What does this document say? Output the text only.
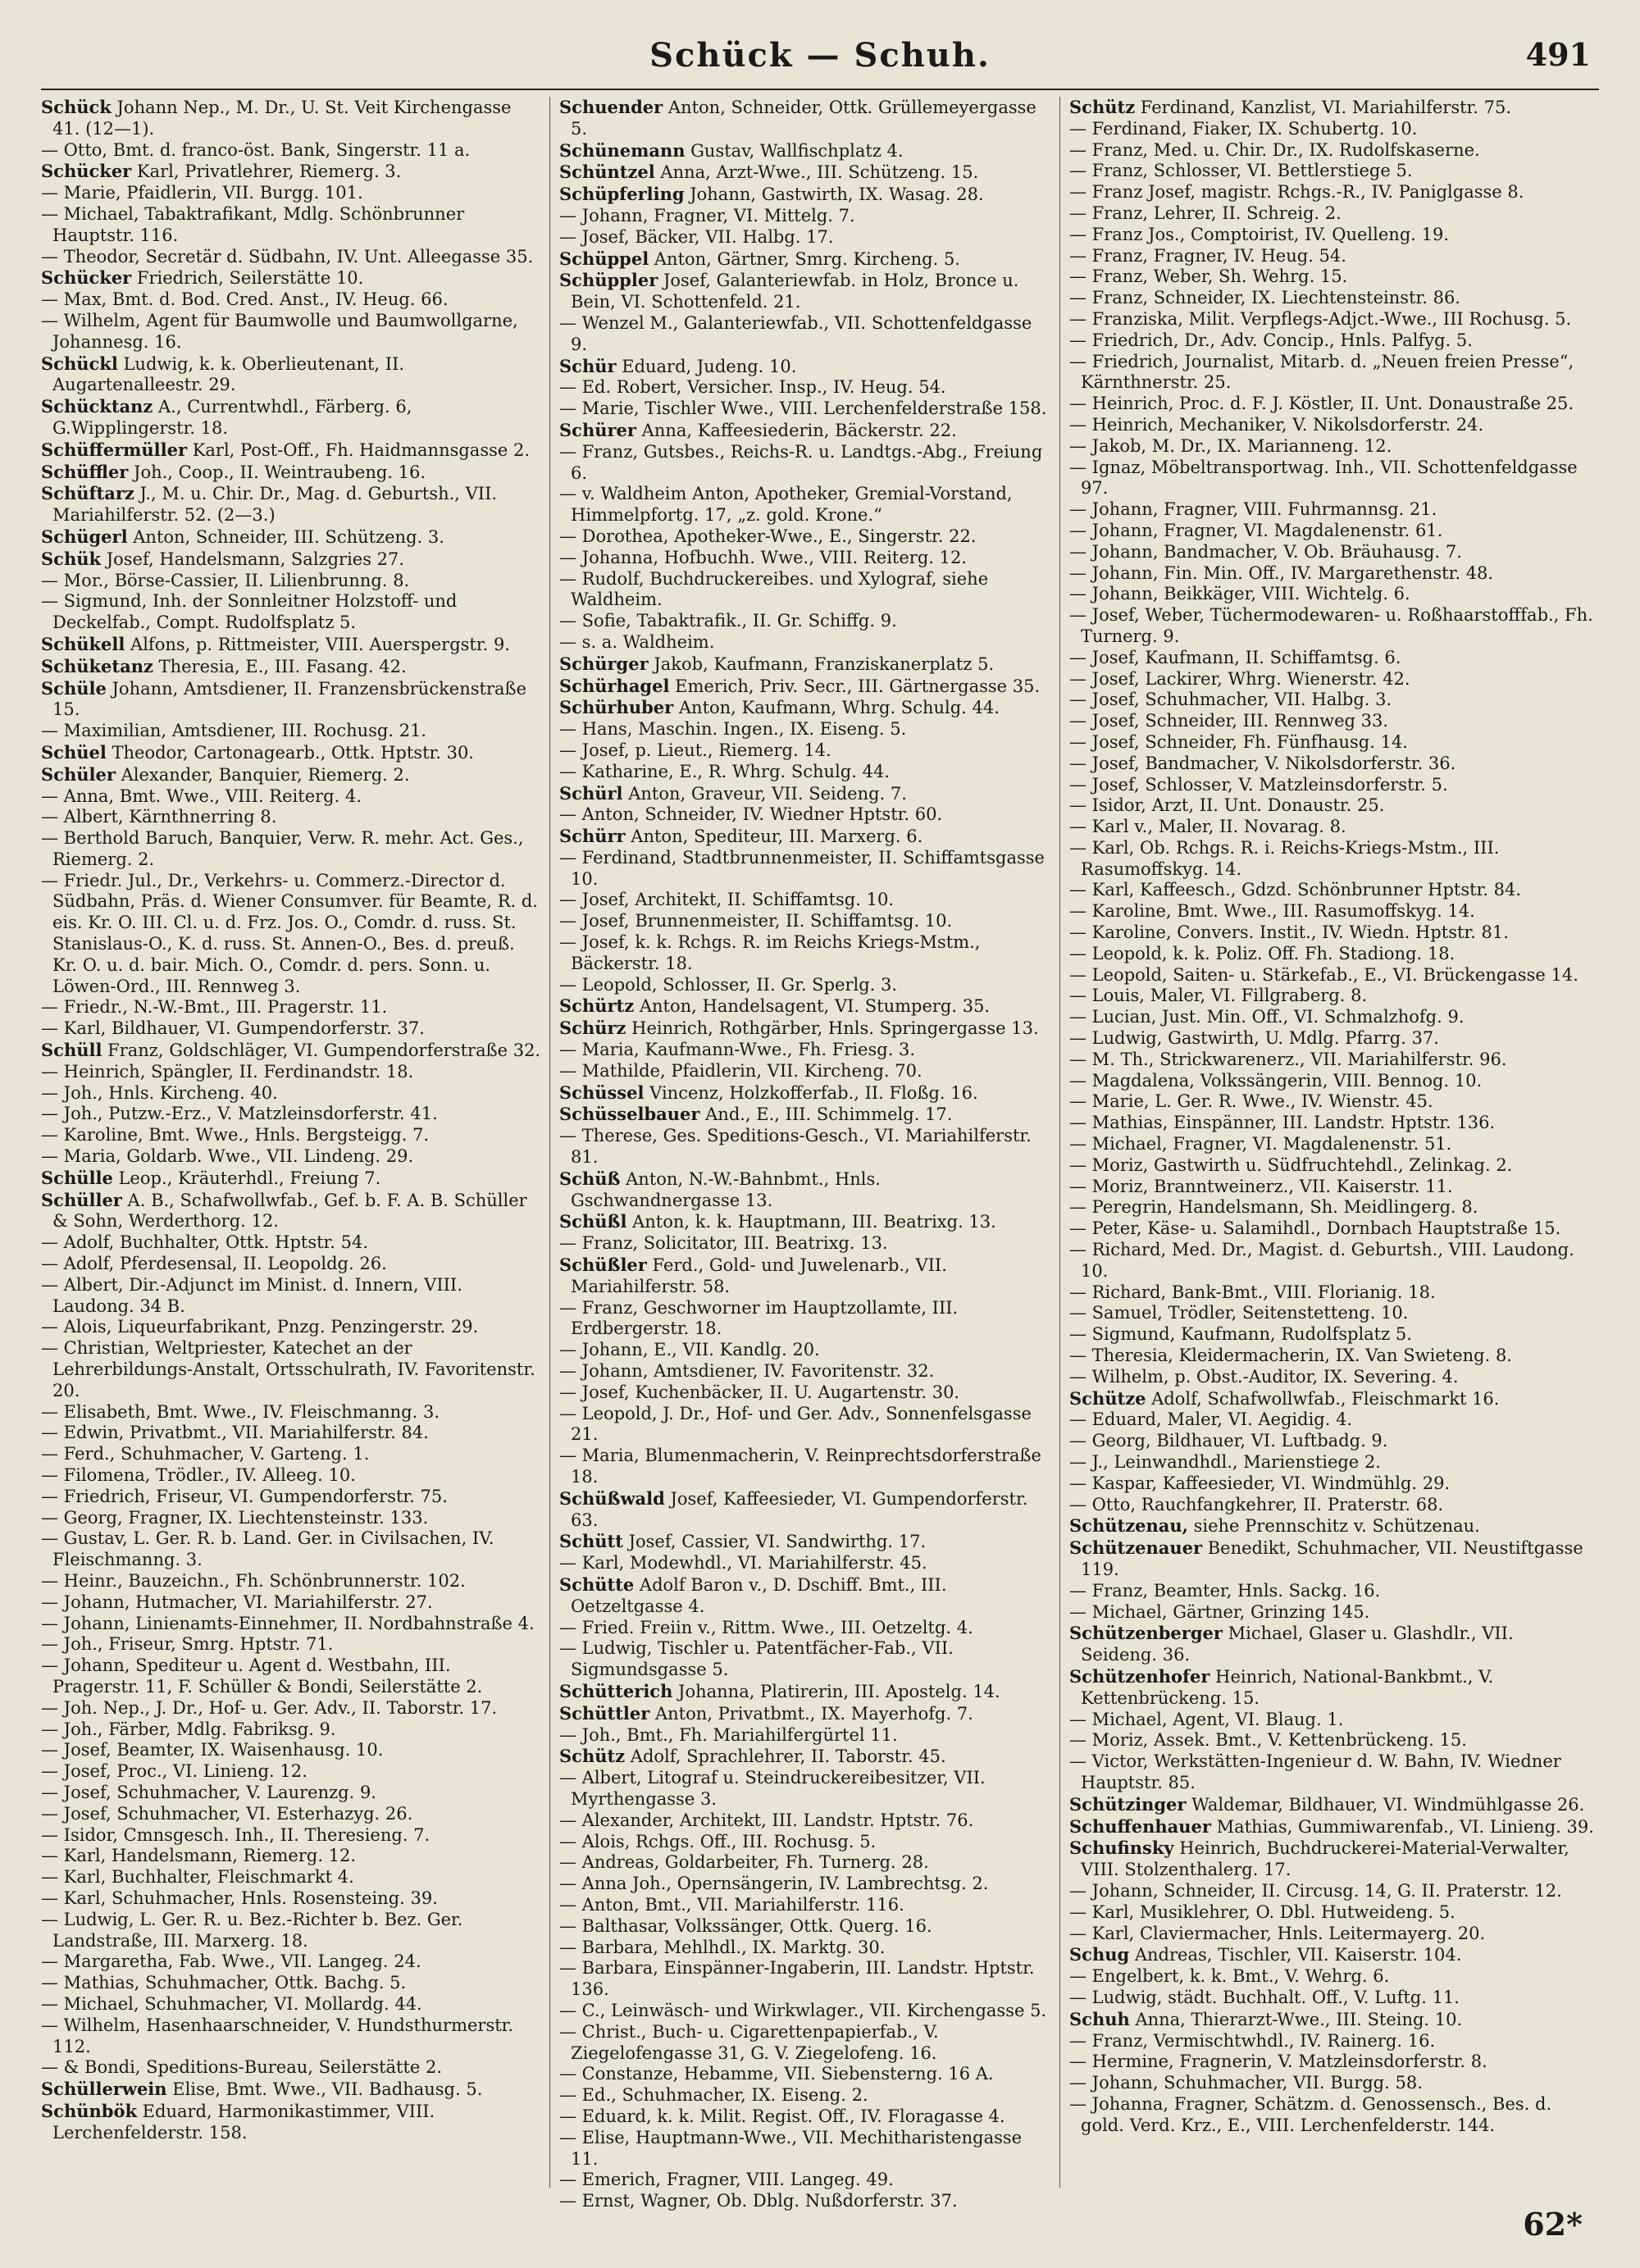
Schück — Schuh.	491
Schück Johann Nep., M. Dr., U. St. Veit Kirchengasse 41. (12—1).
— Otto, Bmt. d. franco-öst. Bank, Singerstr. 11 a.
Schücker Karl, Privatlehrer, Riemerg. 3.
— Marie, Pfaidlerin, VII. Burgg. 101.
— Michael, Tabaktrafikant, Mdlg. Schönbrunner Hauptstr. 116.
— Theodor, Secretär d. Südbahn, IV. Unt. Alleegasse 35.
Schücker Friedrich, Seilerstätte 10.
— Max, Bmt. d. Bod. Cred. Anst., IV. Heug. 66.
— Wilhelm, Agent für Baumwolle und Baumwollgarne, Johannesg. 16.
Schückl Ludwig, k. k. Oberlieutenant, II. Augartenalleestr. 29.
Schücktanz A., Currentwhdl., Färberg. 6, G.Wipplingerstr. 18.
Schüffermüller Karl, Post-Off., Fh. Haidmannsgasse 2.
Schüffler Joh., Coop., II. Weintraubeng. 16.
Schüftarz J., M. u. Chir. Dr., Mag. d. Geburtsh., VII. Mariahilferstr. 52. (2—3.)
Schügerl Anton, Schneider, III. Schützeng. 3.
Schük Josef, Handelsmann, Salzgries 27.
— Mor., Börse-Cassier, II. Lilienbrunng. 8.
— Sigmund, Inh. der Sonnleitner Holzstoff- und Deckelfab., Compt. Rudolfsplatz 5.
Schükell Alfons, p. Rittmeister, VIII. Auerspergstr. 9.
Schüketanz Theresia, E., III. Fasang. 42.
Schüle Johann, Amtsdiener, II. Franzensbrückenstraße 15.
— Maximilian, Amtsdiener, III. Rochusg. 21.
Schüel Theodor, Cartonagearb., Ottk. Hptstr. 30.
Schüler Alexander, Banquier, Riemerg. 2.
— Anna, Bmt. Wwe., VIII. Reiterg. 4.
— Albert, Kärnthnerring 8.
— Berthold Baruch, Banquier, Verw. R. mehr. Act. Ges., Riemerg. 2.
— Friedr. Jul., Dr., Verkehrs- u. Commerz.-Director d. Südbahn, Präs. d. Wiener Consumver. für Beamte, R. d. eis. Kr. O. III. Cl. u. d. Frz. Jos. O., Comdr. d. russ. St. Stanislaus-O., K. d. russ. St. Annen-O., Bes. d. preuß. Kr. O. u. d. bair. Mich. O., Comdr. d. pers. Sonn. u. Löwen-Ord., III. Rennweg 3.
— Friedr., N.-W.-Bmt., III. Pragerstr. 11.
— Karl, Bildhauer, VI. Gumpendorferstr. 37.
Schüll Franz, Goldschläger, VI. Gumpendorferstraße 32.
— Heinrich, Spängler, II. Ferdinandstr. 18.
— Joh., Hnls. Kircheng. 40.
— Joh., Putzw.-Erz., V. Matzleinsdorferstr. 41.
— Karoline, Bmt. Wwe., Hnls. Bergsteigg. 7.
— Maria, Goldarb. Wwe., VII. Lindeng. 29.
Schülle Leop., Kräuterhdl., Freiung 7.
Schüller A. B., Schafwollwfab., Gef. b. F. A. B. Schüller & Sohn, Werderthorg. 12.
— Adolf, Buchhalter, Ottk. Hptstr. 54.
— Adolf, Pferdesensal, II. Leopoldg. 26.
— Albert, Dir.-Adjunct im Minist. d. Innern, VIII. Laudong. 34 B.
— Alois, Liqueurfabrikant, Pnzg. Penzingerstr. 29.
— Christian, Weltpriester, Katechet an der Lehrerbildungs-Anstalt, Ortsschulrath, IV. Favoritenstr. 20.
— Elisabeth, Bmt. Wwe., IV. Fleischmanng. 3.
— Edwin, Privatbmt., VII. Mariahilferstr. 84.
— Ferd., Schuhmacher, V. Garteng. 1.
— Filomena, Trödler., IV. Alleeg. 10.
— Friedrich, Friseur, VI. Gumpendorferstr. 75.
— Georg, Fragner, IX. Liechtensteinstr. 133.
— Gustav, L. Ger. R. b. Land. Ger. in Civilsachen, IV. Fleischmanng. 3.
— Heinr., Bauzeichn., Fh. Schönbrunnerstr. 102.
— Johann, Hutmacher, VI. Mariahilferstr. 27.
— Johann, Linienamts-Einnehmer, II. Nordbahnstraße 4.
— Joh., Friseur, Smrg. Hptstr. 71.
— Johann, Spediteur u. Agent d. Westbahn, III. Pragerstr. 11, F. Schüller & Bondi, Seilerstätte 2.
— Joh. Nep., J. Dr., Hof- u. Ger. Adv., II. Taborstr. 17.
— Joh., Färber, Mdlg. Fabriksg. 9.
— Josef, Beamter, IX. Waisenhausg. 10.
— Josef, Proc., VI. Linieng. 12.
— Josef, Schuhmacher, V. Laurenzg. 9.
— Josef, Schuhmacher, VI. Esterhazyg. 26.
— Isidor, Cmnsgesch. Inh., II. Theresieng. 7.
— Karl, Handelsmann, Riemerg. 12.
— Karl, Buchhalter, Fleischmarkt 4.
— Karl, Schuhmacher, Hnls. Rosensteing. 39.
— Ludwig, L. Ger. R. u. Bez.-Richter b. Bez. Ger. Landstraße, III. Marxerg. 18.
— Margaretha, Fab. Wwe., VII. Langeg. 24.
— Mathias, Schuhmacher, Ottk. Bachg. 5.
— Michael, Schuhmacher, VI. Mollardg. 44.
— Wilhelm, Hasenhaarschneider, V. Hundsthurmerstr. 112.
— & Bondi, Speditions-Bureau, Seilerstätte 2.
Schüllerwein Elise, Bmt. Wwe., VII. Badhausg. 5.
Schünbök Eduard, Harmonikastimmer, VIII. Lerchenfelderstr. 158.
Schuender Anton, Schneider, Ottk. Grüllemeyergasse 5.
Schünemann Gustav, Wallfischplatz 4.
Schüntzel Anna, Arzt-Wwe., III. Schützeng. 15.
Schüpferling Johann, Gastwirth, IX. Wasag. 28.
— Johann, Fragner, VI. Mittelg. 7.
— Josef, Bäcker, VII. Halbg. 17.
Schüppel Anton, Gärtner, Smrg. Kircheng. 5.
Schüppler Josef, Galanteriewfab. in Holz, Bronce u. Bein, VI. Schottenfeld. 21.
— Wenzel M., Galanteriewfab., VII. Schottenfeldgasse 9.
Schür Eduard, Judeng. 10.
— Ed. Robert, Versicher. Insp., IV. Heug. 54.
— Marie, Tischler Wwe., VIII. Lerchenfelderstraße 158.
Schürer Anna, Kaffeesiederin, Bäckerstr. 22.
— Franz, Gutsbes., Reichs-R. u. Landtgs.-Abg., Freiung 6.
— v. Waldheim Anton, Apotheker, Gremial-Vorstand, Himmelpfortg. 17, „z. gold. Krone.“
— Dorothea, Apotheker-Wwe., E., Singerstr. 22.
— Johanna, Hofbuchh. Wwe., VIII. Reiterg. 12.
— Rudolf, Buchdruckereibes. und Xylograf, siehe Waldheim.
— Sofie, Tabaktrafik., II. Gr. Schiffg. 9.
— s. a. Waldheim.
Schürger Jakob, Kaufmann, Franziskanerplatz 5.
Schürhagel Emerich, Priv. Secr., III. Gärtnergasse 35.
Schürhuber Anton, Kaufmann, Whrg. Schulg. 44.
— Hans, Maschin. Ingen., IX. Eiseng. 5.
— Josef, p. Lieut., Riemerg. 14.
— Katharine, E., R. Whrg. Schulg. 44.
Schürl Anton, Graveur, VII. Seideng. 7.
— Anton, Schneider, IV. Wiedner Hptstr. 60.
Schürr Anton, Spediteur, III. Marxerg. 6.
— Ferdinand, Stadtbrunnenmeister, II. Schiffamtsgasse 10.
— Josef, Architekt, II. Schiffamtsg. 10.
— Josef, Brunnenmeister, II. Schiffamtsg. 10.
— Josef, k. k. Rchgs. R. im Reichs Kriegs-Mstm., Bäckerstr. 18.
— Leopold, Schlosser, II. Gr. Sperlg. 3.
Schürtz Anton, Handelsagent, VI. Stumperg. 35.
Schürz Heinrich, Rothgärber, Hnls. Springergasse 13.
— Maria, Kaufmann-Wwe., Fh. Friesg. 3.
— Mathilde, Pfaidlerin, VII. Kircheng. 70.
Schüssel Vincenz, Holzkofferfab., II. Floßg. 16.
Schüsselbauer And., E., III. Schimmelg. 17.
— Therese, Ges. Speditions-Gesch., VI. Mariahilferstr. 81.
Schüß Anton, N.-W.-Bahnbmt., Hnls. Gschwandnergasse 13.
Schüßl Anton, k. k. Hauptmann, III. Beatrixg. 13.
— Franz, Solicitator, III. Beatrixg. 13.
Schüßler Ferd., Gold- und Juwelenarb., VII. Mariahilferstr. 58.
— Franz, Geschworner im Hauptzollamte, III. Erdbergerstr. 18.
— Johann, E., VII. Kandlg. 20.
— Johann, Amtsdiener, IV. Favoritenstr. 32.
— Josef, Kuchenbäcker, II. U. Augartenstr. 30.
— Leopold, J. Dr., Hof- und Ger. Adv., Sonnenfelsgasse 21.
— Maria, Blumenmacherin, V. Reinprechtsdorferstraße 18.
Schüßwald Josef, Kaffeesieder, VI. Gumpendorferstr. 63.
Schütt Josef, Cassier, VI. Sandwirthg. 17.
— Karl, Modewhdl., VI. Mariahilferstr. 45.
Schütte Adolf Baron v., D. Dschiff. Bmt., III. Oetzeltgasse 4.
— Fried. Freiin v., Rittm. Wwe., III. Oetzeltg. 4.
— Ludwig, Tischler u. Patentfächer-Fab., VII. Sigmundsgasse 5.
Schütterich Johanna, Platirerin, III. Apostelg. 14.
Schüttler Anton, Privatbmt., IX. Mayerhofg. 7.
— Joh., Bmt., Fh. Mariahilfergürtel 11.
Schütz Adolf, Sprachlehrer, II. Taborstr. 45.
— Albert, Litograf u. Steindruckereibesitzer, VII. Myrthengasse 3.
— Alexander, Architekt, III. Landstr. Hptstr. 76.
— Alois, Rchgs. Off., III. Rochusg. 5.
— Andreas, Goldarbeiter, Fh. Turnerg. 28.
— Anna Joh., Opernsängerin, IV. Lambrechtsg. 2.
— Anton, Bmt., VII. Mariahilferstr. 116.
— Balthasar, Volkssänger, Ottk. Querg. 16.
— Barbara, Mehlhdl., IX. Marktg. 30.
— Barbara, Einspänner-Ingaberin, III. Landstr. Hptstr. 136.
— C., Leinwäsch- und Wirkwlager., VII. Kirchengasse 5.
— Christ., Buch- u. Cigarettenpapierfab., V. Ziegelofengasse 31, G. V. Ziegelofeng. 16.
— Constanze, Hebamme, VII. Siebensterng. 16 A.
— Ed., Schuhmacher, IX. Eiseng. 2.
— Eduard, k. k. Milit. Regist. Off., IV. Floragasse 4.
— Elise, Hauptmann-Wwe., VII. Mechitharistengasse 11.
— Emerich, Fragner, VIII. Langeg. 49.
— Ernst, Wagner, Ob. Dblg. Nußdorferstr. 37.
Schütz Ferdinand, Kanzlist, VI. Mariahilferstr. 75.
— Ferdinand, Fiaker, IX. Schubertg. 10.
— Franz, Med. u. Chir. Dr., IX. Rudolfskaserne.
— Franz, Schlosser, VI. Bettlerstiege 5.
— Franz Josef, magistr. Rchgs.-R., IV. Paniglgasse 8.
— Franz, Lehrer, II. Schreig. 2.
— Franz Jos., Comptoirist, IV. Quelleng. 19.
— Franz, Fragner, IV. Heug. 54.
— Franz, Weber, Sh. Wehrg. 15.
— Franz, Schneider, IX. Liechtensteinstr. 86.
— Franziska, Milit. Verpflegs-Adjct.-Wwe., III Rochusg. 5.
— Friedrich, Dr., Adv. Concip., Hnls. Palfyg. 5.
— Friedrich, Journalist, Mitarb. d. „Neuen freien Presse“, Kärnthnerstr. 25.
— Heinrich, Proc. d. F. J. Köstler, II. Unt. Donaustraße 25.
— Heinrich, Mechaniker, V. Nikolsdorferstr. 24.
— Jakob, M. Dr., IX. Marianneng. 12.
— Ignaz, Möbeltransportwag. Inh., VII. Schottenfeldgasse 97.
— Johann, Fragner, VIII. Fuhrmannsg. 21.
— Johann, Fragner, VI. Magdalenenstr. 61.
— Johann, Bandmacher, V. Ob. Bräuhausg. 7.
— Johann, Fin. Min. Off., IV. Margarethenstr. 48.
— Johann, Beikkäger, VIII. Wichtelg. 6.
— Josef, Weber, Tüchermodewaren- u. Roßhaarstofffab., Fh. Turnerg. 9.
— Josef, Kaufmann, II. Schiffamtsg. 6.
— Josef, Lackirer, Whrg. Wienerstr. 42.
— Josef, Schuhmacher, VII. Halbg. 3.
— Josef, Schneider, III. Rennweg 33.
— Josef, Schneider, Fh. Fünfhausg. 14.
— Josef, Bandmacher, V. Nikolsdorferstr. 36.
— Josef, Schlosser, V. Matzleinsdorferstr. 5.
— Isidor, Arzt, II. Unt. Donaustr. 25.
— Karl v., Maler, II. Novarag. 8.
— Karl, Ob. Rchgs. R. i. Reichs-Kriegs-Mstm., III. Rasumoffskyg. 14.
— Karl, Kaffeesch., Gdzd. Schönbrunner Hptstr. 84.
— Karoline, Bmt. Wwe., III. Rasumoffskyg. 14.
— Karoline, Convers. Instit., IV. Wiedn. Hptstr. 81.
— Leopold, k. k. Poliz. Off. Fh. Stadiong. 18.
— Leopold, Saiten- u. Stärkefab., E., VI. Brückengasse 14.
— Louis, Maler, VI. Fillgraberg. 8.
— Lucian, Just. Min. Off., VI. Schmalzhofg. 9.
— Ludwig, Gastwirth, U. Mdlg. Pfarrg. 37.
— M. Th., Strickwarenerz., VII. Mariahilferstr. 96.
— Magdalena, Volkssängerin, VIII. Bennog. 10.
— Marie, L. Ger. R. Wwe., IV. Wienstr. 45.
— Mathias, Einspänner, III. Landstr. Hptstr. 136.
— Michael, Fragner, VI. Magdalenenstr. 51.
— Moriz, Gastwirth u. Südfruchtehdl., Zelinkag. 2.
— Moriz, Branntweinerz., VII. Kaiserstr. 11.
— Peregrin, Handelsmann, Sh. Meidlingerg. 8.
— Peter, Käse- u. Salamihdl., Dornbach Hauptstraße 15.
— Richard, Med. Dr., Magist. d. Geburtsh., VIII. Laudong. 10.
— Richard, Bank-Bmt., VIII. Florianig. 18.
— Samuel, Trödler, Seitenstetteng. 10.
— Sigmund, Kaufmann, Rudolfsplatz 5.
— Theresia, Kleidermacherin, IX. Van Swieteng. 8.
— Wilhelm, p. Obst.-Auditor, IX. Severing. 4.
Schütze Adolf, Schafwollwfab., Fleischmarkt 16.
— Eduard, Maler, VI. Aegidig. 4.
— Georg, Bildhauer, VI. Luftbadg. 9.
— J., Leinwandhdl., Marienstiege 2.
— Kaspar, Kaffeesieder, VI. Windmühlg. 29.
— Otto, Rauchfangkehrer, II. Praterstr. 68.
Schützenau, siehe Prennschitz v. Schützenau.
Schützenauer Benedikt, Schuhmacher, VII. Neustiftgasse 119.
— Franz, Beamter, Hnls. Sackg. 16.
— Michael, Gärtner, Grinzing 145.
Schützenberger Michael, Glaser u. Glashdlr., VII. Seideng. 36.
Schützenhofer Heinrich, National-Bankbmt., V. Kettenbrückeng. 15.
— Michael, Agent, VI. Blaug. 1.
— Moriz, Assek. Bmt., V. Kettenbrückeng. 15.
— Victor, Werkstätten-Ingenieur d. W. Bahn, IV. Wiedner Hauptstr. 85.
Schützinger Waldemar, Bildhauer, VI. Windmühlgasse 26.
Schuffenhauer Mathias, Gummiwarenfab., VI. Linieng. 39.
Schufinsky Heinrich, Buchdruckerei-Material-Verwalter, VIII. Stolzenthalerg. 17.
— Johann, Schneider, II. Circusg. 14, G. II. Praterstr. 12.
— Karl, Musiklehrer, O. Dbl. Hutweideng. 5.
— Karl, Claviermacher, Hnls. Leitermayerg. 20.
Schug Andreas, Tischler, VII. Kaiserstr. 104.
— Engelbert, k. k. Bmt., V. Wehrg. 6.
— Ludwig, städt. Buchhalt. Off., V. Luftg. 11.
Schuh Anna, Thierarzt-Wwe., III. Steing. 10.
— Franz, Vermischtwhdl., IV. Rainerg. 16.
— Hermine, Fragnerin, V. Matzleinsdorferstr. 8.
— Johann, Schuhmacher, VII. Burgg. 58.
— Johanna, Fragner, Schätzm. d. Genossensch., Bes. d. gold. Verd. Krz., E., VIII. Lerchenfelderstr. 144.
62*
